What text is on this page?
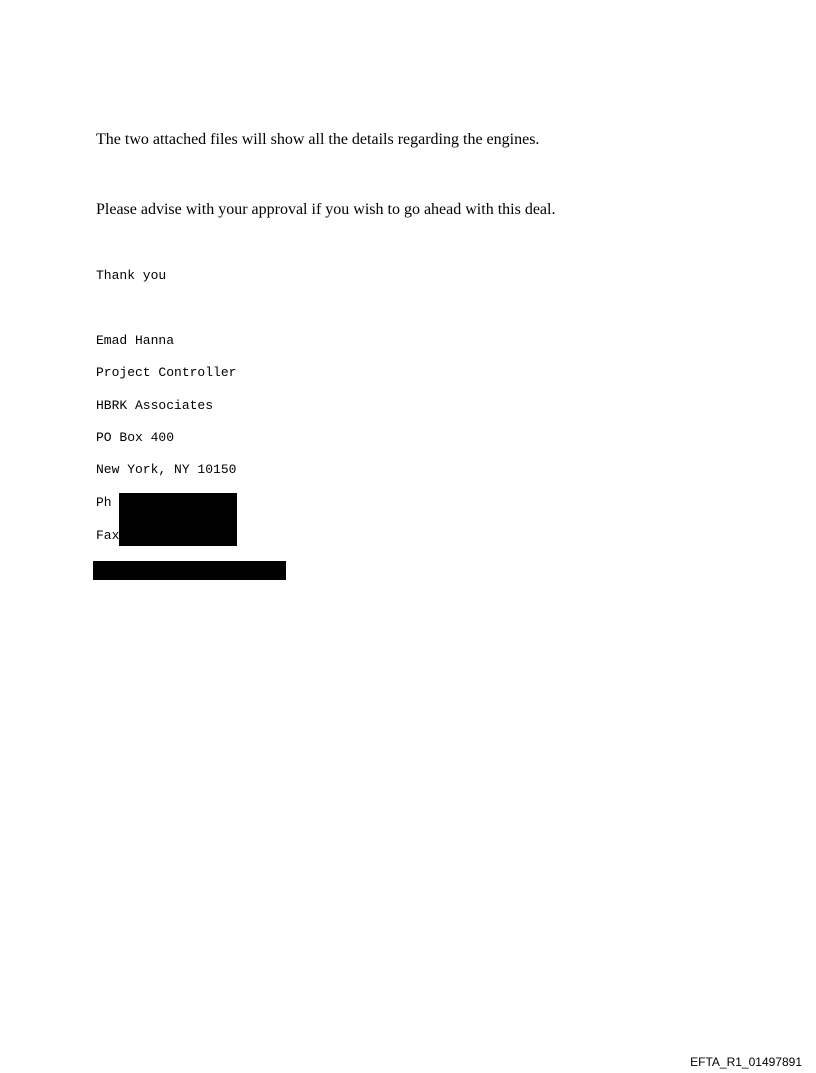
The two attached files will show all the details regarding the engines.

Please advise with your approval if you wish to go ahead with this deal.

Thank you

Emad Hanna

Project Controller

HBRK Associates

PO Box 400

New York, NY 10150

Ph

Fax

EFTA_R1_01497891
